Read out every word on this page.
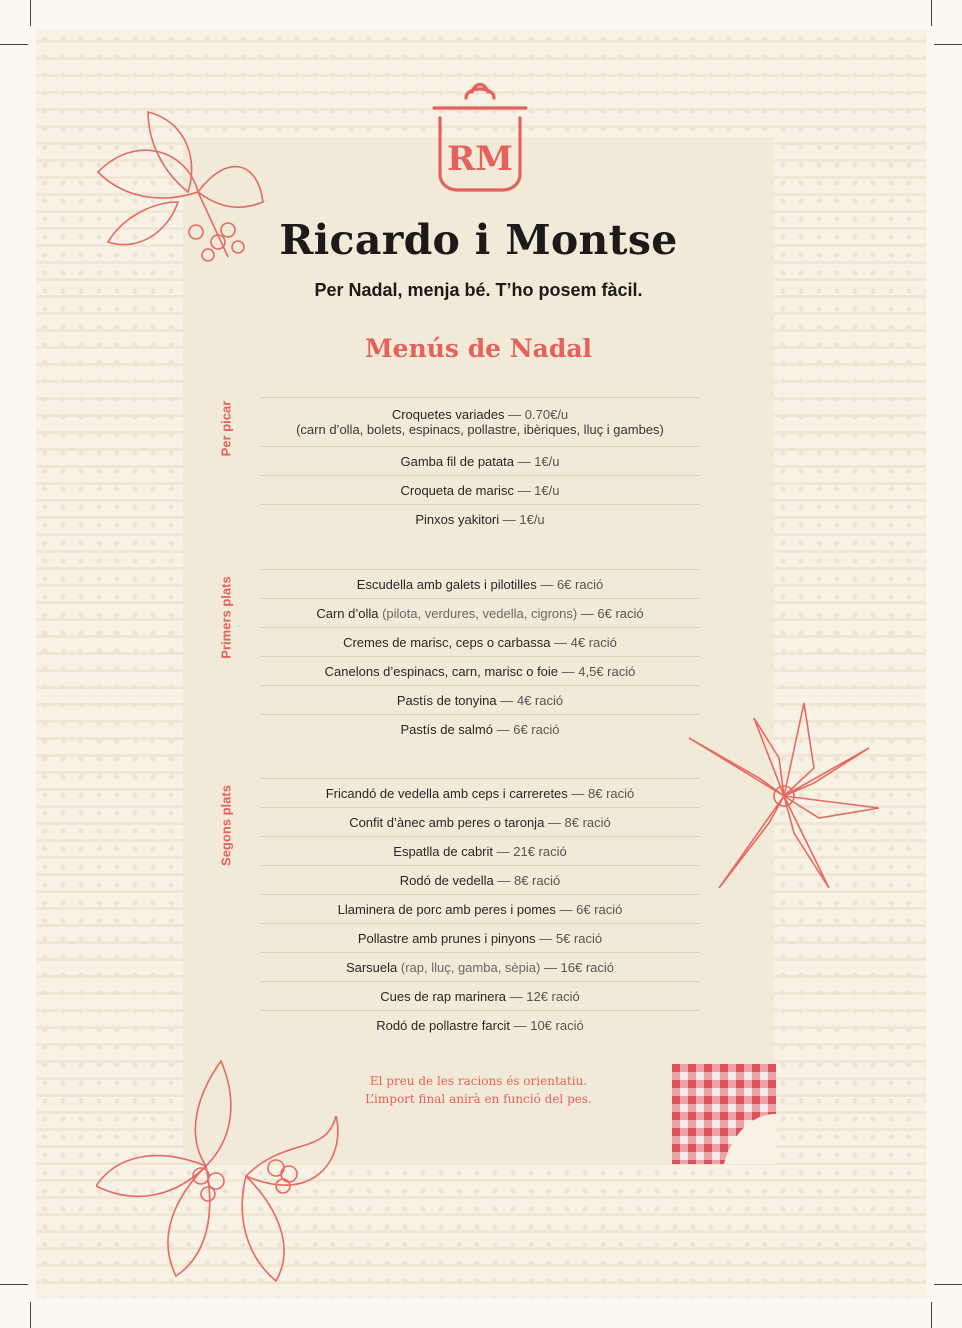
RM
Ricardo i Montse
Per Nadal, menja bé. T’ho posem fàcil.
Menús de Nadal
Per picar	Croquetes variades — 0.70€/u
(carn d’olla, bolets, espinacs, pollastre, ibèriques, lluç i gambes)
Gamba fil de patata — 1€/u
Croqueta de marisc — 1€/u
Pinxos yakitori — 1€/u
Primers plats	Escudella amb galets i pilotilles — 6€ ració
Carn d’olla (pilota, verdures, vedella, cigrons) — 6€ ració
Cremes de marisc, ceps o carbassa — 4€ ració
Canelons d’espinacs, carn, marisc o foie — 4,5€ ració
Pastís de tonyina — 4€ ració
Pastís de salmó — 6€ ració
Segons plats	Fricandó de vedella amb ceps i carreretes — 8€ ració
Confit d’ànec amb peres o taronja — 8€ ració
Espatlla de cabrit — 21€ ració
Rodó de vedella — 8€ ració
Llaminera de porc amb peres i pomes — 6€ ració
Pollastre amb prunes i pinyons — 5€ ració
Sarsuela (rap, lluç, gamba, sèpia) — 16€ ració
Cues de rap marinera — 12€ ració
Rodó de pollastre farcit — 10€ ració
El preu de les racions és orientatiu.
L’import final anirà en funció del pes.
